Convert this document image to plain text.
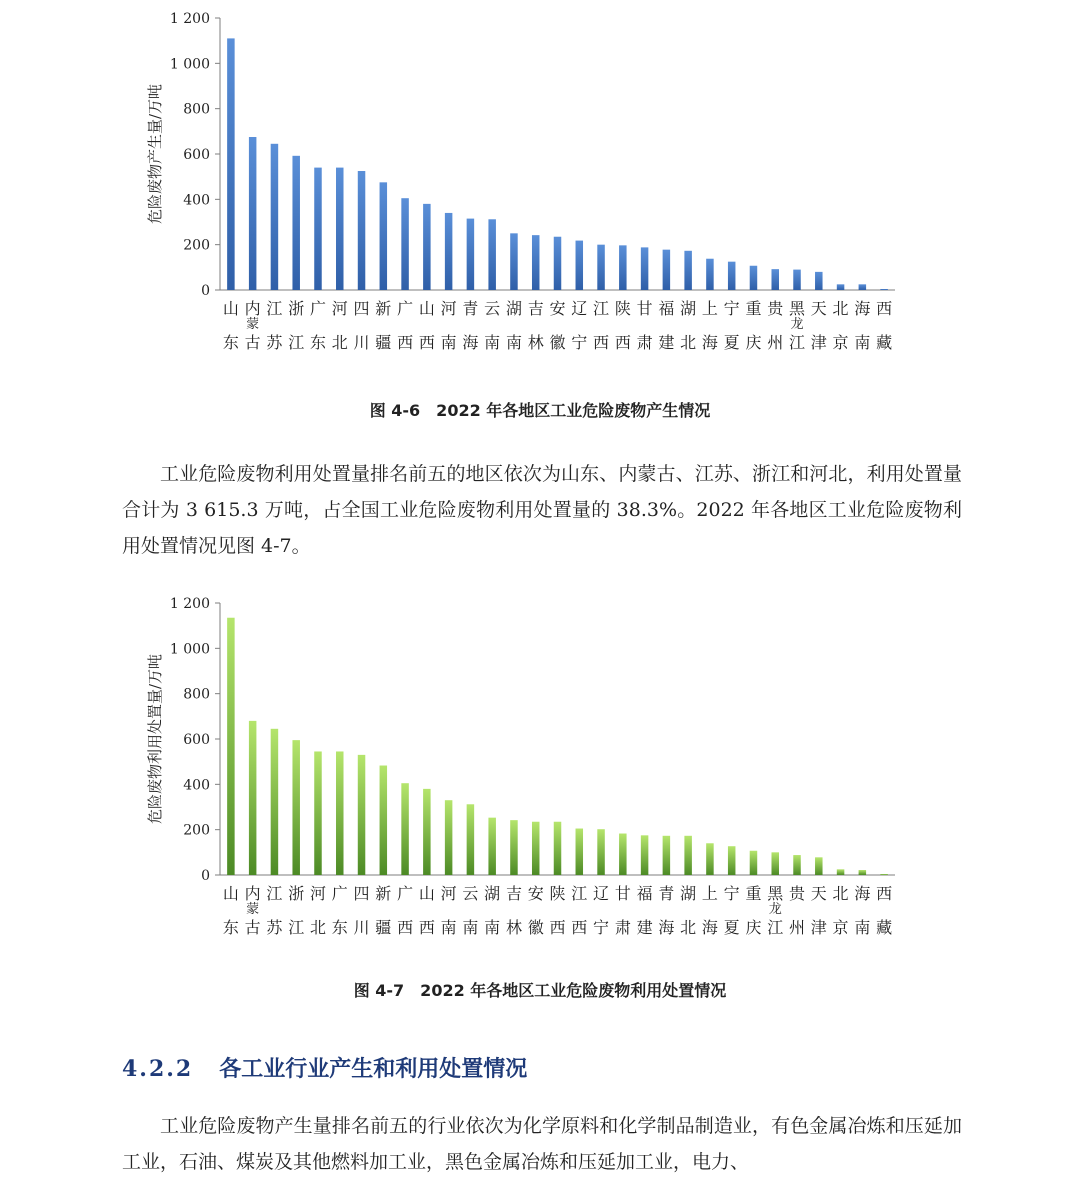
0
200
400
600
800
1 000
1 200
危险废物产生量/万吨
山东
内蒙古
江苏
浙江
广东
河北
四川
新疆
广西
山西
河南
青海
云南
湖南
吉林
安徽
辽宁
江西
陕西
甘肃
福建
湖北
上海
宁夏
重庆
贵州
黑龙江
天津
北京
海南
西藏
图 4-6　2022 年各地区工业危险废物产生情况

工业危险废物利用处置量排名前五的地区依次为山东、内蒙古、江苏、浙江和河北，利用处置量合计为 3 615.3 万吨，占全国工业危险废物利用处置量的 38.3%。2022 年各地区工业危险废物利用处置情况见图 4-7。

0
200
400
600
800
1 000
1 200
危险废物利用处置量/万吨
山东
内蒙古
江苏
浙江
河北
广东
四川
新疆
广西
山西
河南
云南
湖南
吉林
安徽
陕西
江西
辽宁
甘肃
福建
青海
湖北
上海
宁夏
重庆
黑龙江
贵州
天津
北京
海南
西藏
图 4-7　2022 年各地区工业危险废物利用处置情况
4.2.2 各工业行业产生和利用处置情况

工业危险废物产生量排名前五的行业依次为化学原料和化学制品制造业，有色金属冶炼和压延加工业，石油、煤炭及其他燃料加工业，黑色金属冶炼和压延加工业，电力、
